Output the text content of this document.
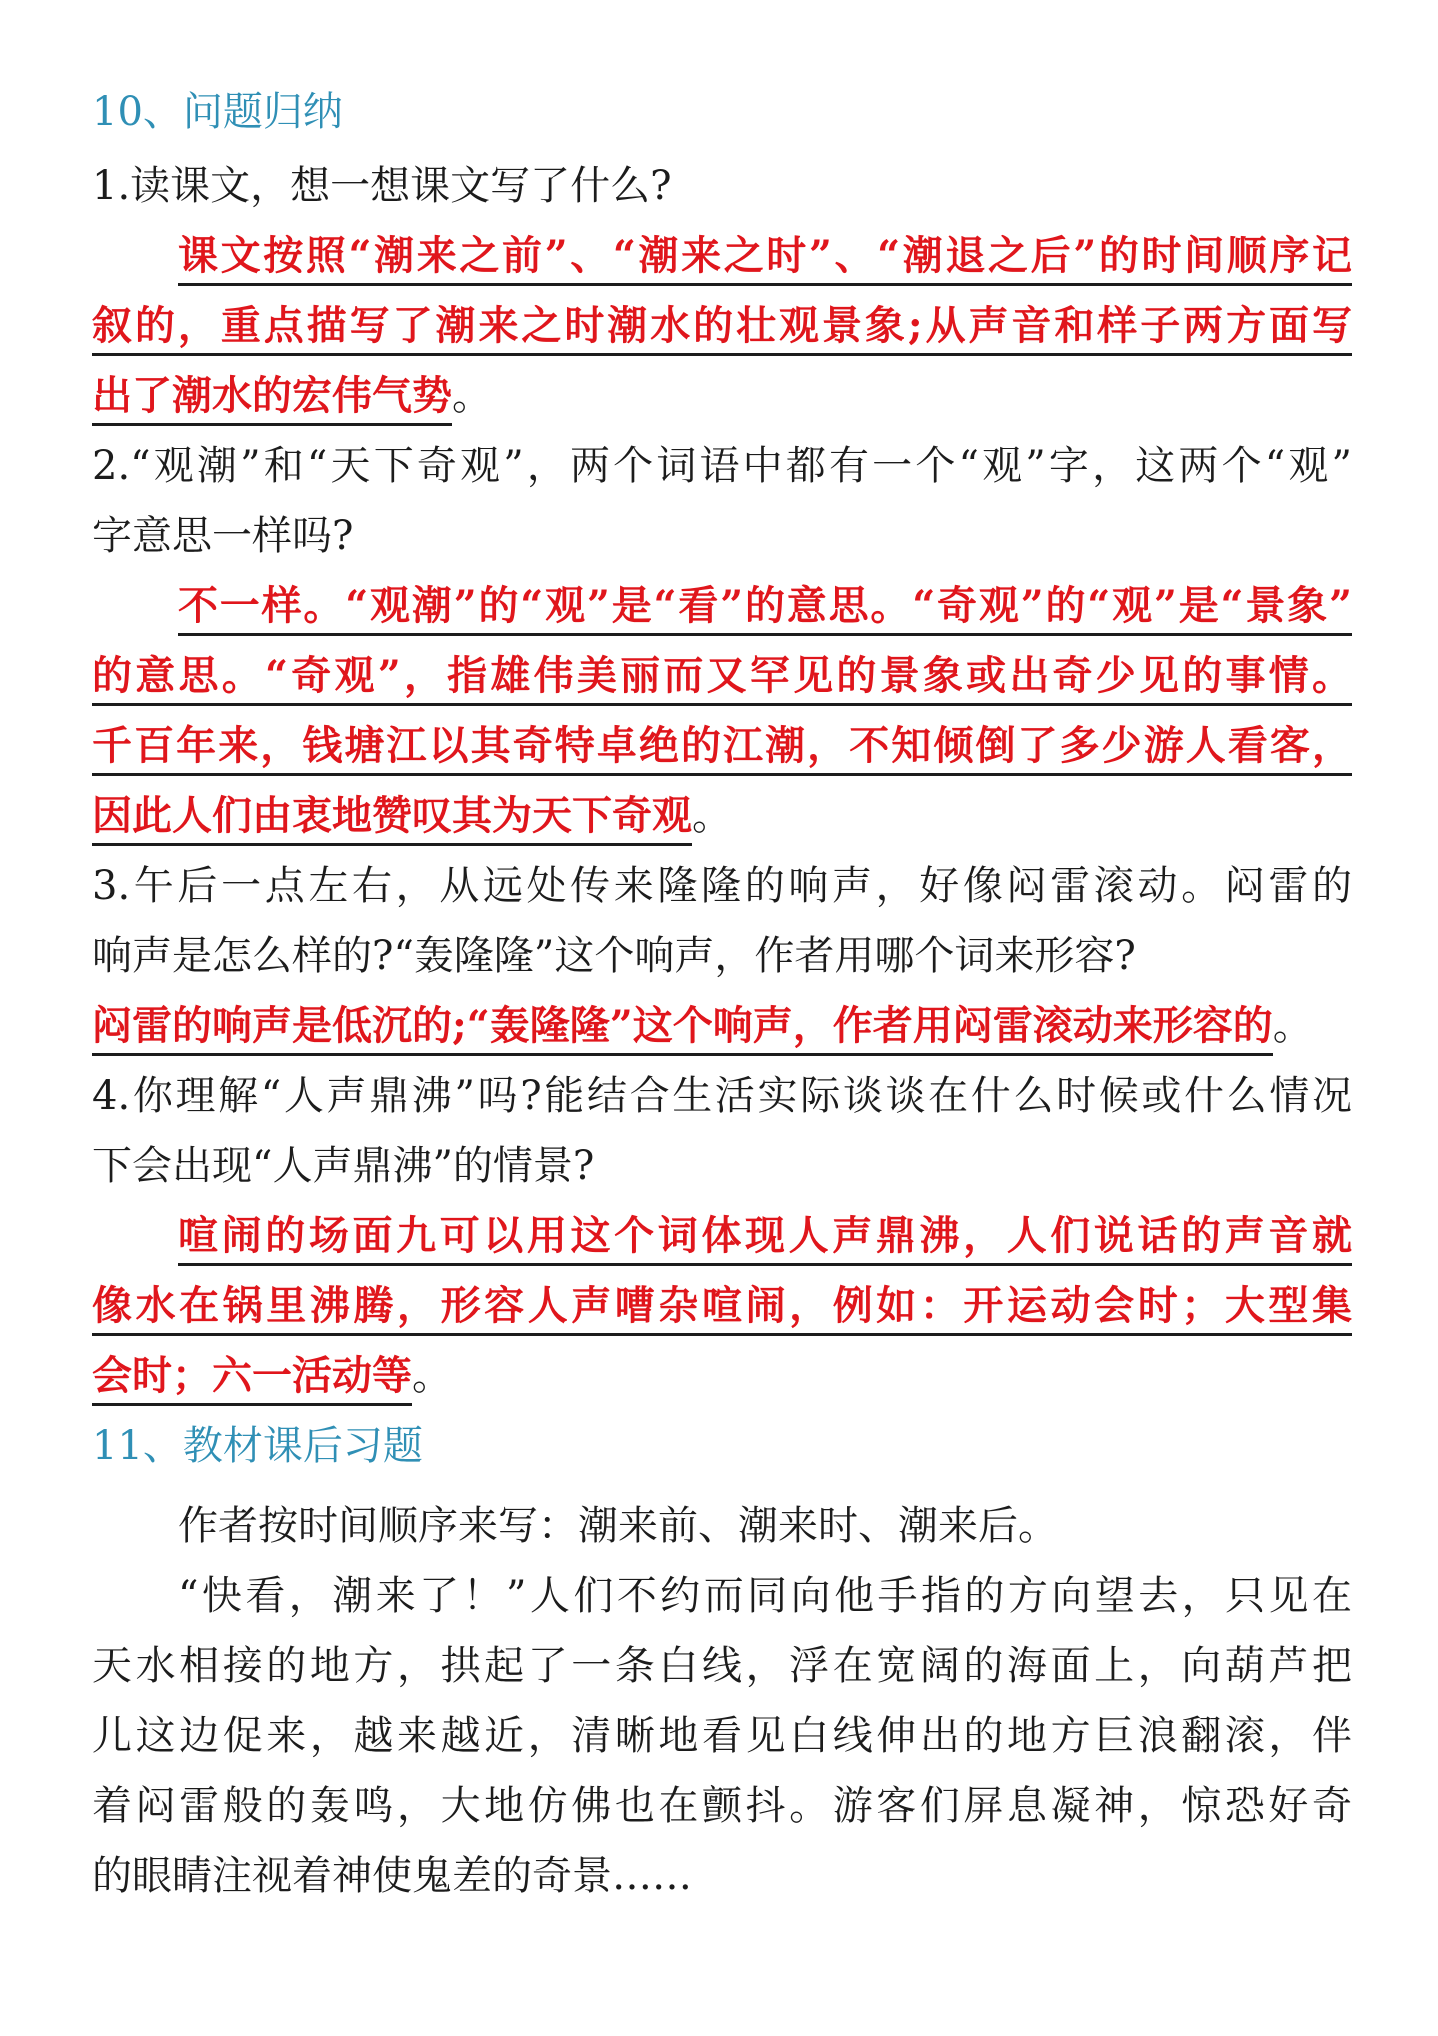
10、问题归纳
1.读课文，想一想课文写了什么?
课文按照“潮来之前”、“潮来之时”、“潮退之后”的时间顺序记
叙的，重点描写了潮来之时潮水的壮观景象;从声音和样子两方面写
出了潮水的宏伟气势。
2.“观潮”和“天下奇观”，两个词语中都有一个“观”字，这两个“观”
字意思一样吗?
不一样。“观潮”的“观”是“看”的意思。“奇观”的“观”是“景象”
的意思。“奇观”，指雄伟美丽而又罕见的景象或出奇少见的事情。
千百年来，钱塘江以其奇特卓绝的江潮，不知倾倒了多少游人看客，
因此人们由衷地赞叹其为天下奇观。
3.午后一点左右，从远处传来隆隆的响声，好像闷雷滚动。闷雷的
响声是怎么样的?“轰隆隆”这个响声，作者用哪个词来形容?
闷雷的响声是低沉的;“轰隆隆”这个响声，作者用闷雷滚动来形容的。
4.你理解“人声鼎沸”吗?能结合生活实际谈谈在什么时候或什么情况
下会出现“人声鼎沸”的情景?
喧闹的场面九可以用这个词体现人声鼎沸，人们说话的声音就
像水在锅里沸腾，形容人声嘈杂喧闹，例如：开运动会时；大型集
会时；六一活动等。
11、教材课后习题
作者按时间顺序来写：潮来前、潮来时、潮来后。
“快看，潮来了！”人们不约而同向他手指的方向望去，只见在
天水相接的地方，拱起了一条白线，浮在宽阔的海面上，向葫芦把
儿这边促来，越来越近，清晰地看见白线伸出的地方巨浪翻滚，伴
着闷雷般的轰鸣，大地仿佛也在颤抖。游客们屏息凝神，惊恐好奇
的眼睛注视着神使鬼差的奇景……
